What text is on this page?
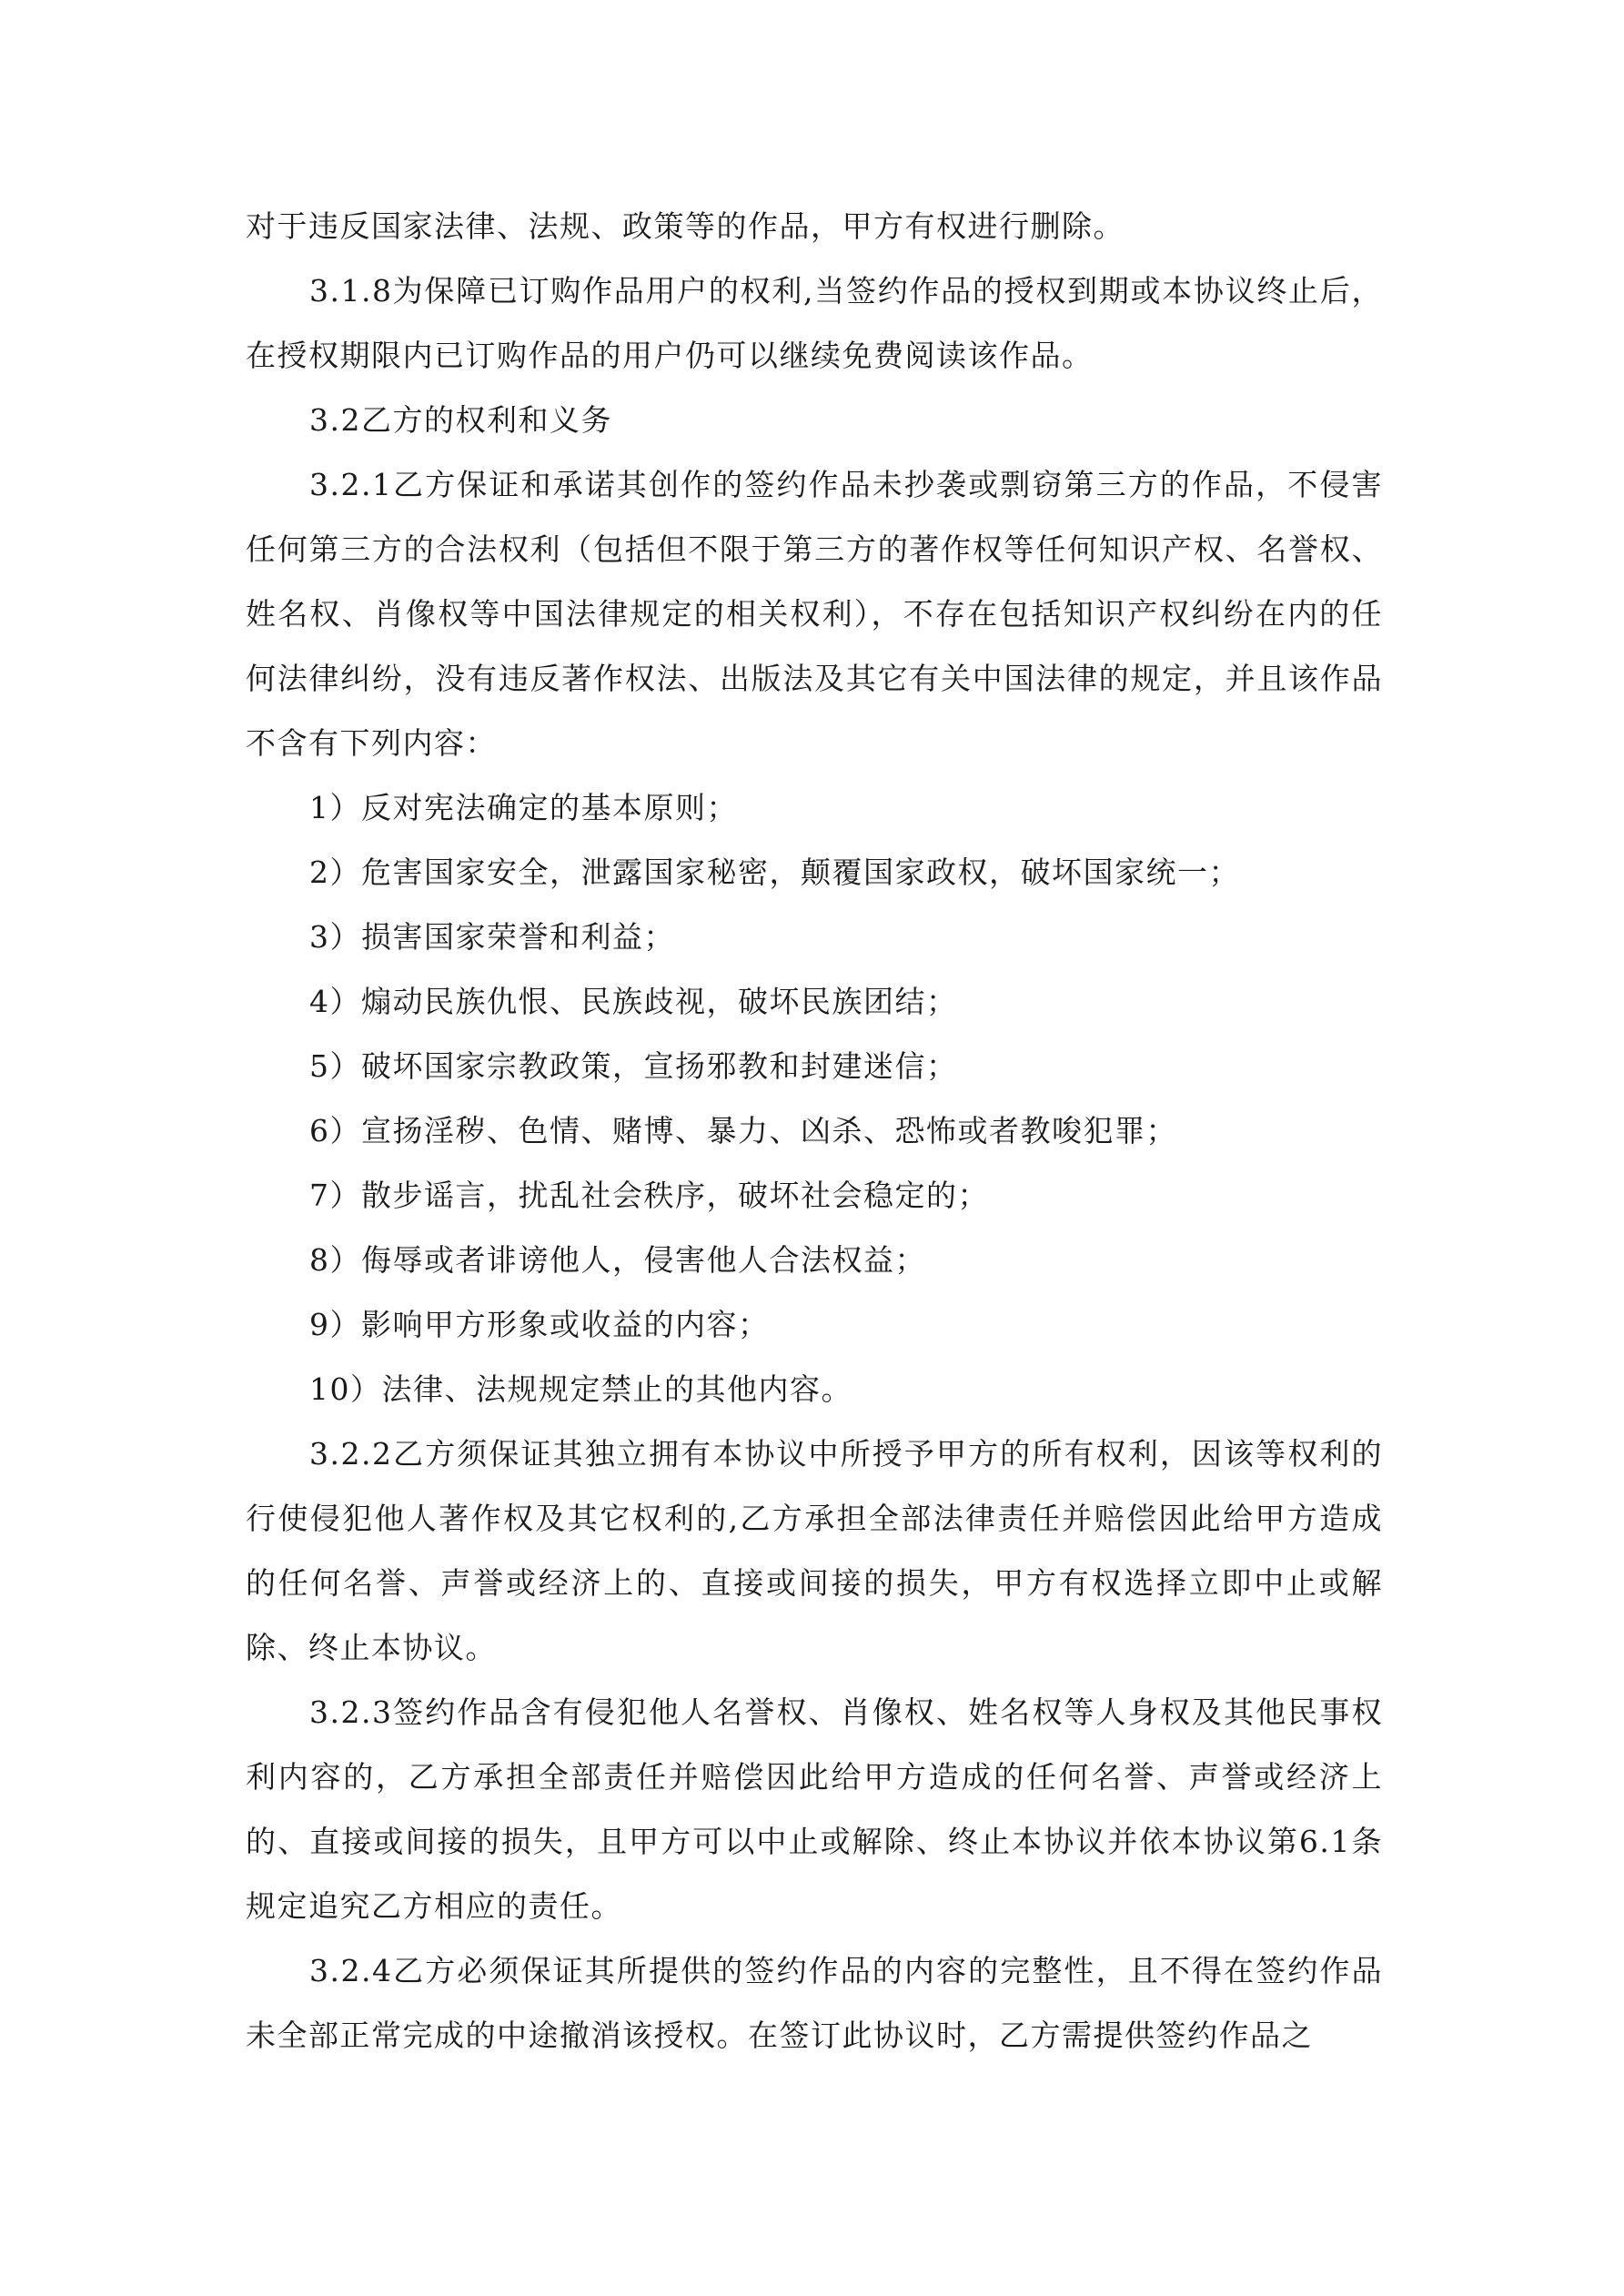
对于违反国家法律、法规、政策等的作品，甲方有权进行删除。

3.1.8为保障已订购作品用户的权利,当签约作品的授权到期或本协议终止后，在授权期限内已订购作品的用户仍可以继续免费阅读该作品。

3.2乙方的权利和义务

3.2.1乙方保证和承诺其创作的签约作品未抄袭或剽窃第三方的作品，不侵害任何第三方的合法权利（包括但不限于第三方的著作权等任何知识产权、名誉权、姓名权、肖像权等中国法律规定的相关权利），不存在包括知识产权纠纷在内的任何法律纠纷，没有违反著作权法、出版法及其它有关中国法律的规定，并且该作品不含有下列内容：

1）反对宪法确定的基本原则；

2）危害国家安全，泄露国家秘密，颠覆国家政权，破坏国家统一；

3）损害国家荣誉和利益；

4）煽动民族仇恨、民族歧视，破坏民族团结；

5）破坏国家宗教政策，宣扬邪教和封建迷信；

6）宣扬淫秽、色情、赌博、暴力、凶杀、恐怖或者教唆犯罪；

7）散步谣言，扰乱社会秩序，破坏社会稳定的；

8）侮辱或者诽谤他人，侵害他人合法权益；

9）影响甲方形象或收益的内容；

10）法律、法规规定禁止的其他内容。

3.2.2乙方须保证其独立拥有本协议中所授予甲方的所有权利，因该等权利的行使侵犯他人著作权及其它权利的,乙方承担全部法律责任并赔偿因此给甲方造成的任何名誉、声誉或经济上的、直接或间接的损失，甲方有权选择立即中止或解除、终止本协议。

3.2.3签约作品含有侵犯他人名誉权、肖像权、姓名权等人身权及其他民事权利内容的，乙方承担全部责任并赔偿因此给甲方造成的任何名誉、声誉或经济上的、直接或间接的损失，且甲方可以中止或解除、终止本协议并依本协议第6.1条规定追究乙方相应的责任。

3.2.4乙方必须保证其所提供的签约作品的内容的完整性，且不得在签约作品未全部正常完成的中途撤消该授权。在签订此协议时，乙方需提供签约作品之
